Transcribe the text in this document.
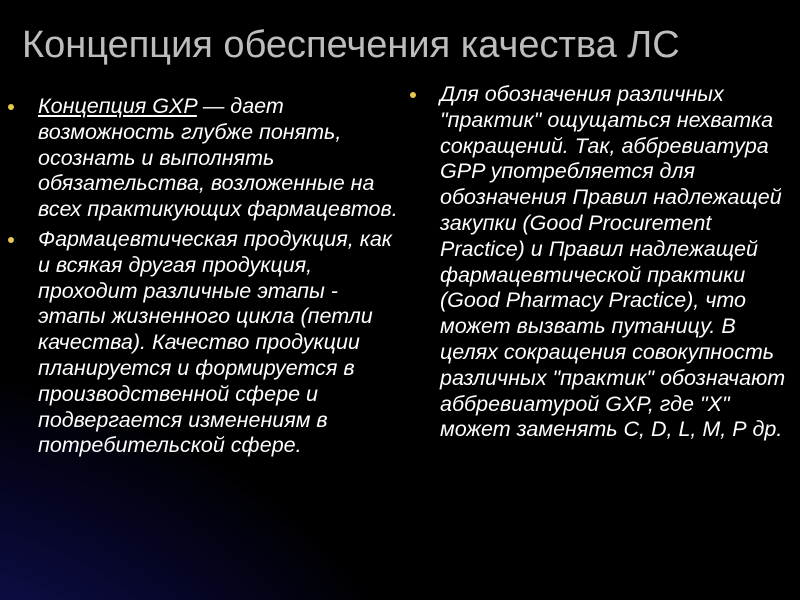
Концепция обеспечения качества ЛС
Концепция GXP — дает возможность глубже понять, осознать и выполнять обязательства, возложенные на всех практикующих фармацевтов.
Фармацевтическая продукция, как и всякая другая продукция, проходит различные этапы - этапы жизненного цикла (петли качества). Качество продукции планируется и формируется в производственной сфере и подвергается изменениям в потребительской сфере.
Для обозначения различных "практик" ощущаться нехватка сокращений. Так, аббревиатура GPP употребляется для обозначения Правил надлежащей закупки (Good Procurement Practice) и Правил надлежащей фармацевтической практики (Good Pharmacy Practice), что может вызвать путаницу. В целях сокращения совокупность различных "практик" обозначают аббревиатурой GXP, где "X" может заменять С, D, L, М, Р др.
